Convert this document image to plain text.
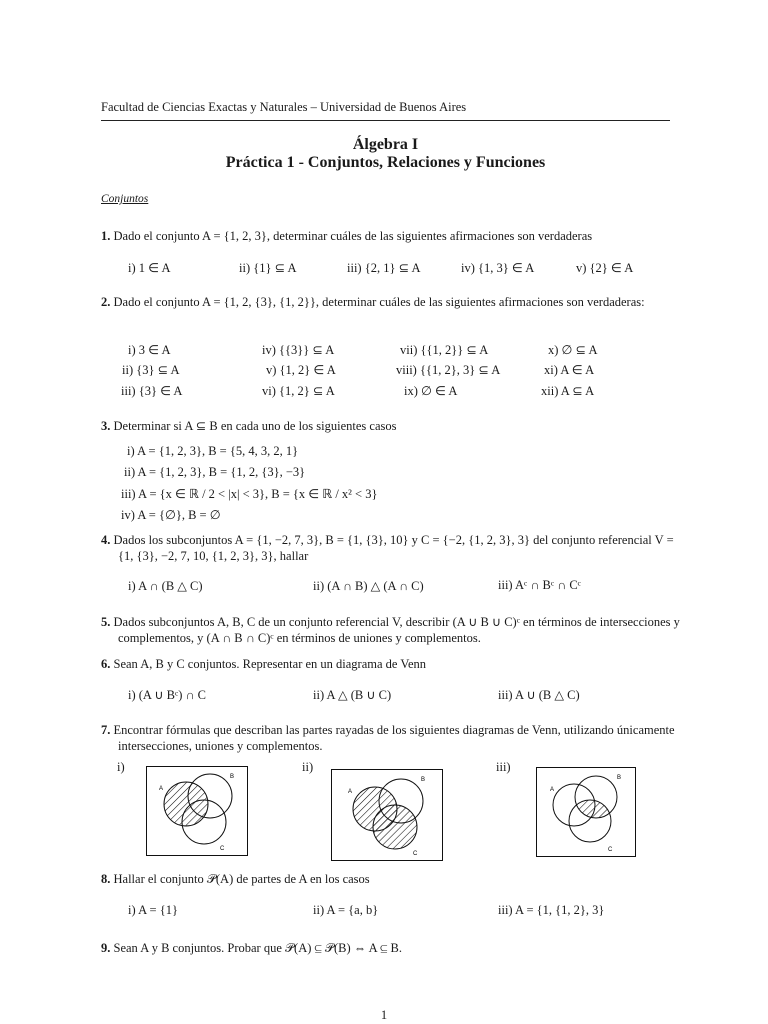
Facultad de Ciencias Exactas y Naturales – Universidad de Buenos Aires
Álgebra I
Práctica 1 - Conjuntos, Relaciones y Funciones
Conjuntos
1. Dado el conjunto A = {1, 2, 3}, determinar cuáles de las siguientes afirmaciones son verdaderas
i) 1 ∈ A	ii) {1} ⊆ A	iii) {2, 1} ⊆ A	iv) {1, 3} ∈ A	v) {2} ∈ A
2. Dado el conjunto A = {1, 2, {3}, {1, 2}}, determinar cuáles de las siguientes afirmaciones son verdaderas:
i) 3 ∈ A	iv) {{3}} ⊆ A	vii) {{1, 2}} ⊆ A	x) ∅ ⊆ A
ii) {3} ⊆ A	v) {1, 2} ∈ A	viii) {{1, 2}, 3} ⊆ A	xi) A ∈ A
iii) {3} ∈ A	vi) {1, 2} ⊆ A	ix) ∅ ∈ A	xii) A ⊆ A
3. Determinar si A ⊆ B en cada uno de los siguientes casos
i) A = {1, 2, 3}, B = {5, 4, 3, 2, 1}
ii) A = {1, 2, 3}, B = {1, 2, {3}, −3}
iii) A = {x ∈ ℝ / 2 < |x| < 3}, B = {x ∈ ℝ / x² < 3}
iv) A = {∅}, B = ∅
4. Dados los subconjuntos A = {1, −2, 7, 3}, B = {1, {3}, 10} y C = {−2, {1, 2, 3}, 3} del conjunto referencial V = {1, {3}, −2, 7, 10, {1, 2, 3}, 3}, hallar
i) A ∩ (B △ C)	ii) (A ∩ B) △ (A ∩ C)	iii) Aᶜ ∩ Bᶜ ∩ Cᶜ
5. Dados subconjuntos A, B, C de un conjunto referencial V, describir (A ∪ B ∪ C)ᶜ en términos de intersecciones y complementos, y (A ∩ B ∩ C)ᶜ en términos de uniones y complementos.
6. Sean A, B y C conjuntos. Representar en un diagrama de Venn
i) (A ∪ Bᶜ) ∩ C	ii) A △ (B ∪ C)	iii) A ∪ (B △ C)
7. Encontrar fórmulas que describan las partes rayadas de los siguientes diagramas de Venn, utilizando únicamente intersecciones, uniones y complementos.
i)	ii)	iii)
A
B
C
A
B
C
A
B
C
8. Hallar el conjunto 𝒫(A) de partes de A en los casos
i) A = {1}	ii) A = {a, b}	iii) A = {1, {1, 2}, 3}
9. Sean A y B conjuntos. Probar que 𝒫(A) ⊆ 𝒫(B) ⇔ A ⊆ B.
1
